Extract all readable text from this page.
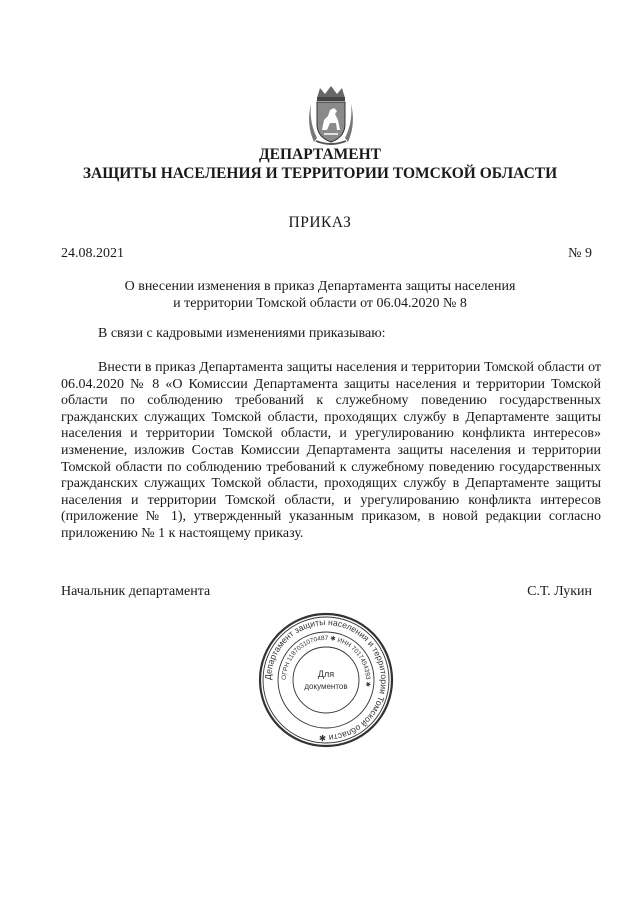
ДЕПАРТАМЕНТ
ЗАЩИТЫ НАСЕЛЕНИЯ И ТЕРРИТОРИИ ТОМСКОЙ ОБЛАСТИ
ПРИКАЗ
24.08.2021	№ 9
О внесении изменения в приказ Департамента защиты населения
и территории Томской области от 06.04.2020 № 8
В связи с кадровыми изменениями приказываю:
Внести в приказ Департамента защиты населения и территории Томской области от
06.04.2020 № 8 «О Комиссии Департамента защиты населения и территории Томской
области по соблюдению требований к служебному поведению государственных
гражданских служащих Томской области, проходящих службу в Департаменте защиты
населения и территории Томской области, и урегулированию конфликта интересов»
изменение, изложив Состав Комиссии Департамента защиты населения и территории
Томской области по соблюдению требований к служебному поведению государственных
гражданских служащих Томской области, проходящих службу в Департаменте защиты
населения и территории Томской области, и урегулированию конфликта интересов
(приложение № 1), утвержденный указанным приказом, в новой редакции согласно
приложению № 1 к настоящему приказу.
Начальник департамента	С.Т. Лукин
Департамент защиты населения и территории Томской области ✱
ОГРН 1187031070487 ✱ ИНН 7017454393 ✱
Для
документов
